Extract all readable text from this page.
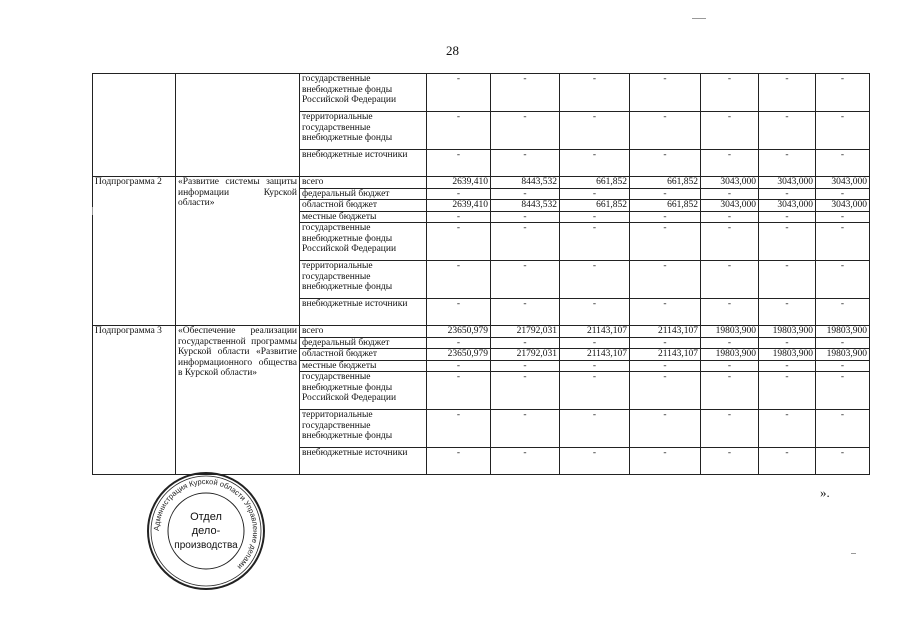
28
		государственные внебюджетные фонды Российской Федерации	-	-	-	-	-	-	-
		территориальные государственные внебюджетные фонды	-	-	-	-	-	-	-
		внебюджетные источники	-	-	-	-	-	-	-
Подпрограмма 2	«Развитие системы защиты информации Курской области»	всего	2639,410	8443,532	661,852	661,852	3043,000	3043,000	3043,000
		федеральный бюджет	-	-	-	-	-	-	-
		областной бюджет	2639,410	8443,532	661,852	661,852	3043,000	3043,000	3043,000
		местные бюджеты	-	-	-	-	-	-	-
		государственные внебюджетные фонды Российской Федерации	-	-	-	-	-	-	-
		территориальные государственные внебюджетные фонды	-	-	-	-	-	-	-
		внебюджетные источники	-	-	-	-	-	-	-
Подпрограмма 3	«Обеспечение реализации государственной программы Курской области «Развитие информационного общества в Курской области»	всего	23650,979	21792,031	21143,107	21143,107	19803,900	19803,900	19803,900
		федеральный бюджет	-	-	-	-	-	-	-
		областной бюджет	23650,979	21792,031	21143,107	21143,107	19803,900	19803,900	19803,900
		местные бюджеты	-	-	-	-	-	-	-
		государственные внебюджетные фонды Российской Федерации	-	-	-	-	-	-	-
		территориальные государственные внебюджетные фонды	-	-	-	-	-	-	-
		внебюджетные источники	-	-	-	-	-	-	-
».
Администрация Курской области Управление делами
Отдел
дело-
производства
